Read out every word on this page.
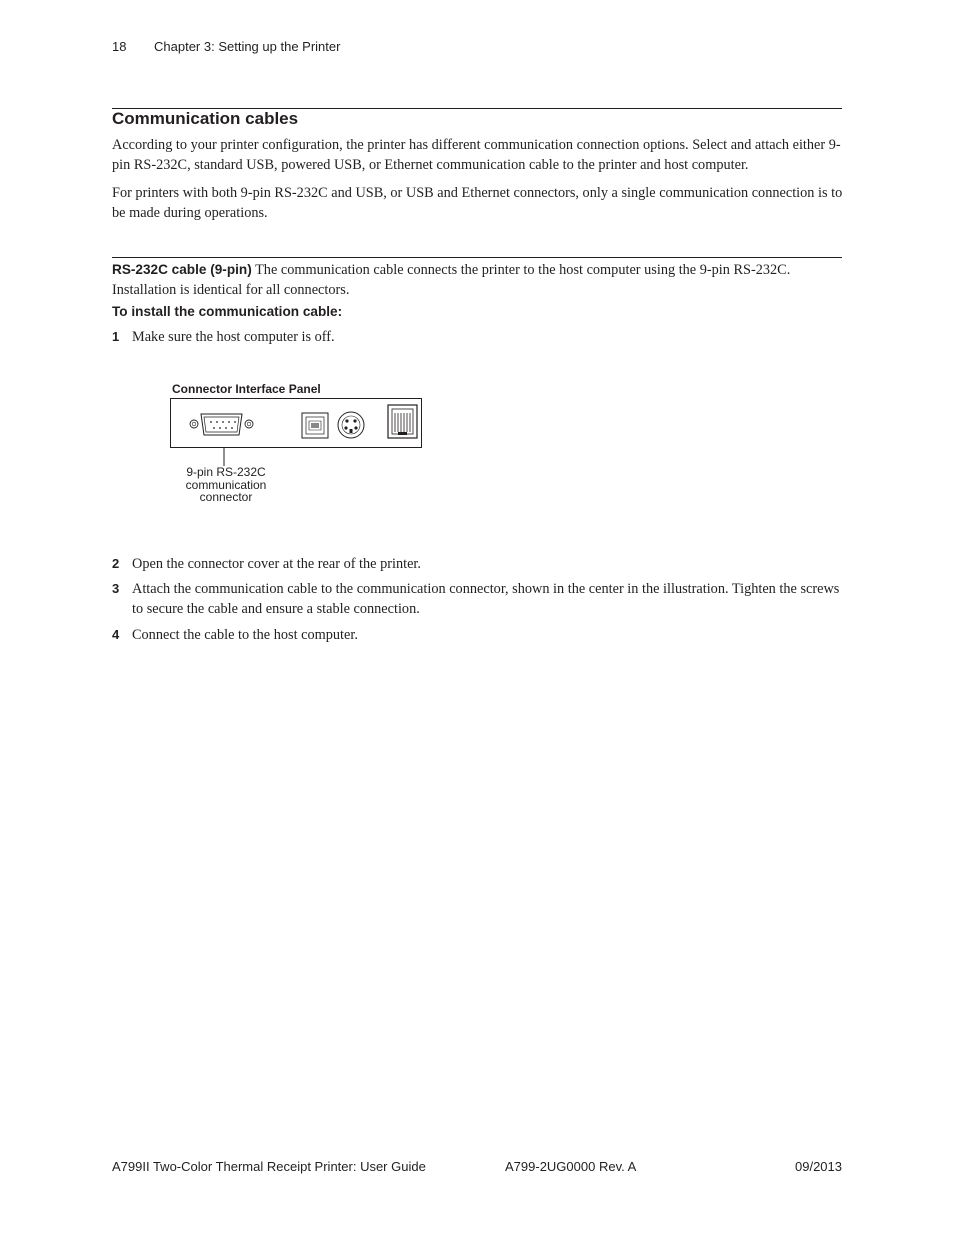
18 Chapter 3: Setting up the Printer
Communication cables
According to your printer configuration, the printer has different communication connection options. Select and attach either 9-pin RS-232C, standard USB, powered USB, or Ethernet communication cable to the printer and host computer.
For printers with both 9-pin RS-232C and USB, or USB and Ethernet connectors, only a single communication connection is to be made during operations.
RS-232C cable (9-pin) The communication cable connects the printer to the host computer using the 9-pin RS-232C. Installation is identical for all connectors.
To install the communication cable:
1 Make sure the host computer is off.
Connector Interface Panel
9-pin RS-232C
communication
connector
2 Open the connector cover at the rear of the printer.
3 Attach the communication cable to the communication connector, shown in the center in the illustration. Tighten the screws to secure the cable and ensure a stable connection.
4 Connect the cable to the host computer.
A799II Two-Color Thermal Receipt Printer: User Guide	A799-2UG0000 Rev. A	09/2013
